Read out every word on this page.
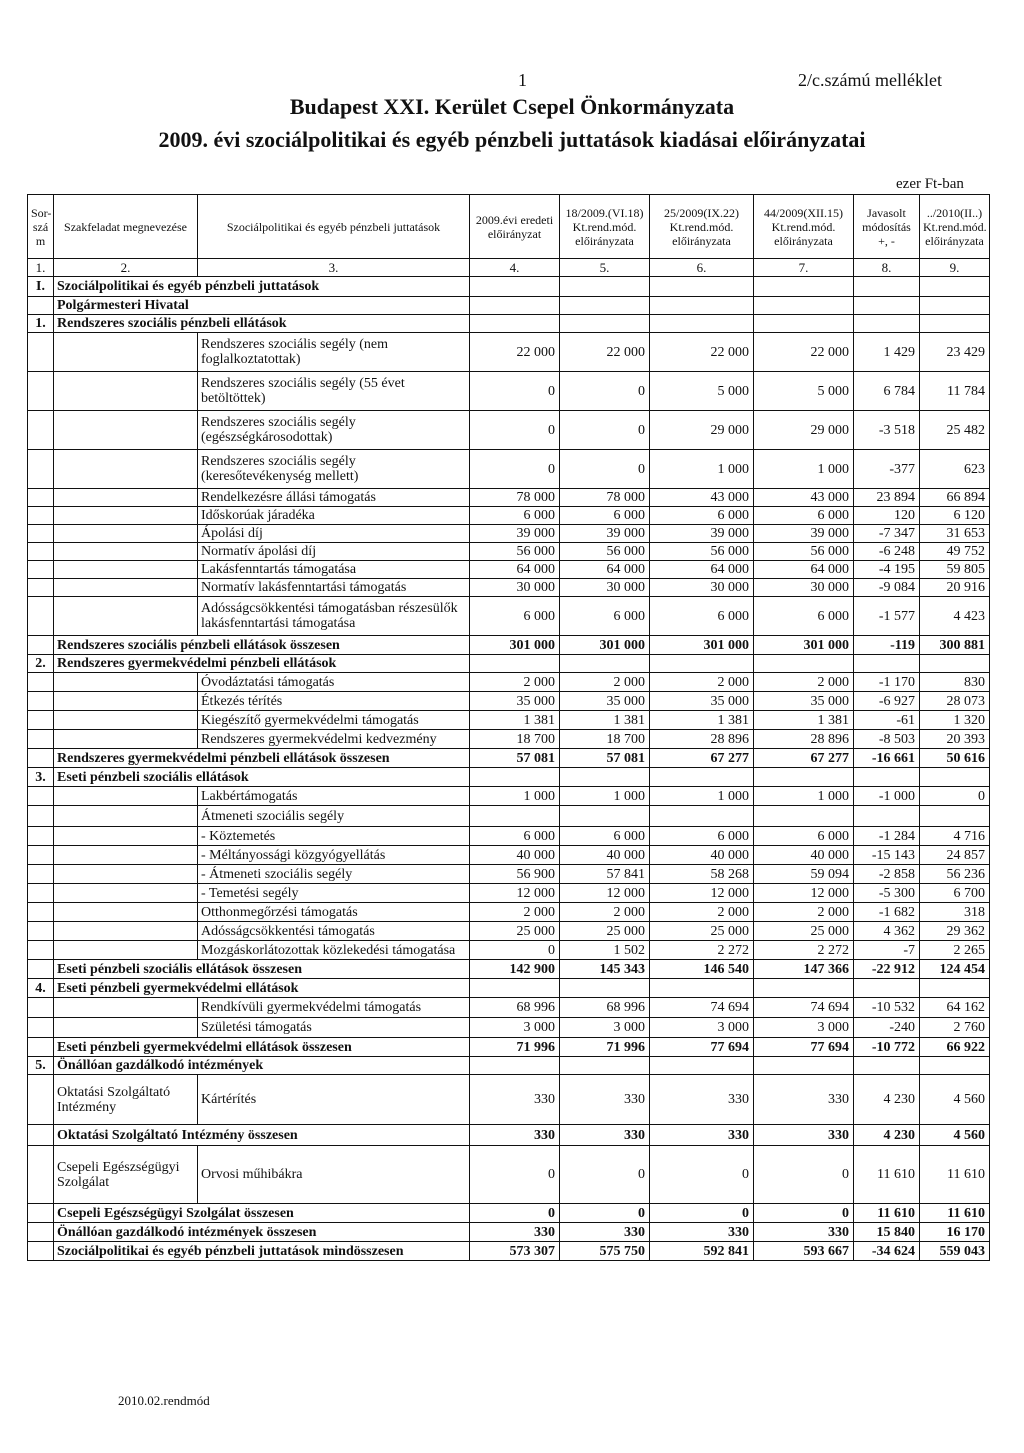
1	2/c.számú melléklet
Budapest XXI. Kerület Csepel Önkormányzata
2009. évi szociálpolitikai és egyéb pénzbeli juttatások kiadásai előirányzatai
ezer Ft-ban
Sor-szá m	Szakfeladat megnevezése	Szociálpolitikai és egyéb pénzbeli juttatások	2009.évi eredeti előirányzat	18/2009.(VI.18) Kt.rend.mód. előirányzata	25/2009(IX.22) Kt.rend.mód. előirányzata	44/2009(XII.15) Kt.rend.mód. előirányzata	Javasolt módosítás +, -	../2010(II..) Kt.rend.mód. előirányzata
1.	2.	3.	4.	5.	6.	7.	8.	9.
I.	Szociálpolitikai és egyéb pénzbeli juttatások							
	Polgármesteri Hivatal							
1.	Rendszeres szociális pénzbeli ellátások							
		Rendszeres szociális segély (nem foglalkoztatottak)	22 000	22 000	22 000	22 000	1 429	23 429
		Rendszeres szociális segély (55 évet betöltöttek)	0	0	5 000	5 000	6 784	11 784
		Rendszeres szociális segély (egészségkárosodottak)	0	0	29 000	29 000	-3 518	25 482
		Rendszeres szociális segély (keresőtevékenység mellett)	0	0	1 000	1 000	-377	623
		Rendelkezésre állási támogatás	78 000	78 000	43 000	43 000	23 894	66 894
		Időskorúak járadéka	6 000	6 000	6 000	6 000	120	6 120
		Ápolási díj	39 000	39 000	39 000	39 000	-7 347	31 653
		Normatív ápolási díj	56 000	56 000	56 000	56 000	-6 248	49 752
		Lakásfenntartás támogatása	64 000	64 000	64 000	64 000	-4 195	59 805
		Normatív lakásfenntartási támogatás	30 000	30 000	30 000	30 000	-9 084	20 916
		Adósságcsökkentési támogatásban részesülők lakásfenntartási támogatása	6 000	6 000	6 000	6 000	-1 577	4 423
	Rendszeres szociális pénzbeli ellátások összesen		301 000	301 000	301 000	301 000	-119	300 881
2.	Rendszeres gyermekvédelmi pénzbeli ellátások							
		Óvodáztatási támogatás	2 000	2 000	2 000	2 000	-1 170	830
		Étkezés térítés	35 000	35 000	35 000	35 000	-6 927	28 073
		Kiegészítő gyermekvédelmi támogatás	1 381	1 381	1 381	1 381	-61	1 320
		Rendszeres gyermekvédelmi kedvezmény	18 700	18 700	28 896	28 896	-8 503	20 393
	Rendszeres gyermekvédelmi pénzbeli ellátások összesen		57 081	57 081	67 277	67 277	-16 661	50 616
3.	Eseti pénzbeli szociális ellátások							
		Lakbértámogatás	1 000	1 000	1 000	1 000	-1 000	0
		Átmeneti szociális segély						
		- Köztemetés	6 000	6 000	6 000	6 000	-1 284	4 716
		- Méltányossági közgyógyellátás	40 000	40 000	40 000	40 000	-15 143	24 857
		- Átmeneti szociális segély	56 900	57 841	58 268	59 094	-2 858	56 236
		- Temetési segély	12 000	12 000	12 000	12 000	-5 300	6 700
		Otthonmegőrzési támogatás	2 000	2 000	2 000	2 000	-1 682	318
		Adósságcsökkentési támogatás	25 000	25 000	25 000	25 000	4 362	29 362
		Mozgáskorlátozottak közlekedési támogatása	0	1 502	2 272	2 272	-7	2 265
	Eseti pénzbeli szociális ellátások összesen		142 900	145 343	146 540	147 366	-22 912	124 454
4.	Eseti pénzbeli gyermekvédelmi ellátások							
		Rendkívüli gyermekvédelmi támogatás	68 996	68 996	74 694	74 694	-10 532	64 162
		Születési támogatás	3 000	3 000	3 000	3 000	-240	2 760
	Eseti pénzbeli gyermekvédelmi ellátások összesen		71 996	71 996	77 694	77 694	-10 772	66 922
5.	Önállóan gazdálkodó intézmények							
	Oktatási Szolgáltató Intézmény	Kártérítés	330	330	330	330	4 230	4 560
	Oktatási Szolgáltató Intézmény összesen		330	330	330	330	4 230	4 560
	Csepeli Egészségügyi Szolgálat	Orvosi műhibákra	0	0	0	0	11 610	11 610
	Csepeli Egészségügyi Szolgálat összesen		0	0	0	0	11 610	11 610
	Önállóan gazdálkodó intézmények összesen		330	330	330	330	15 840	16 170
	Szociálpolitikai és egyéb pénzbeli juttatások mindösszesen		573 307	575 750	592 841	593 667	-34 624	559 043
2010.02.rendmód
